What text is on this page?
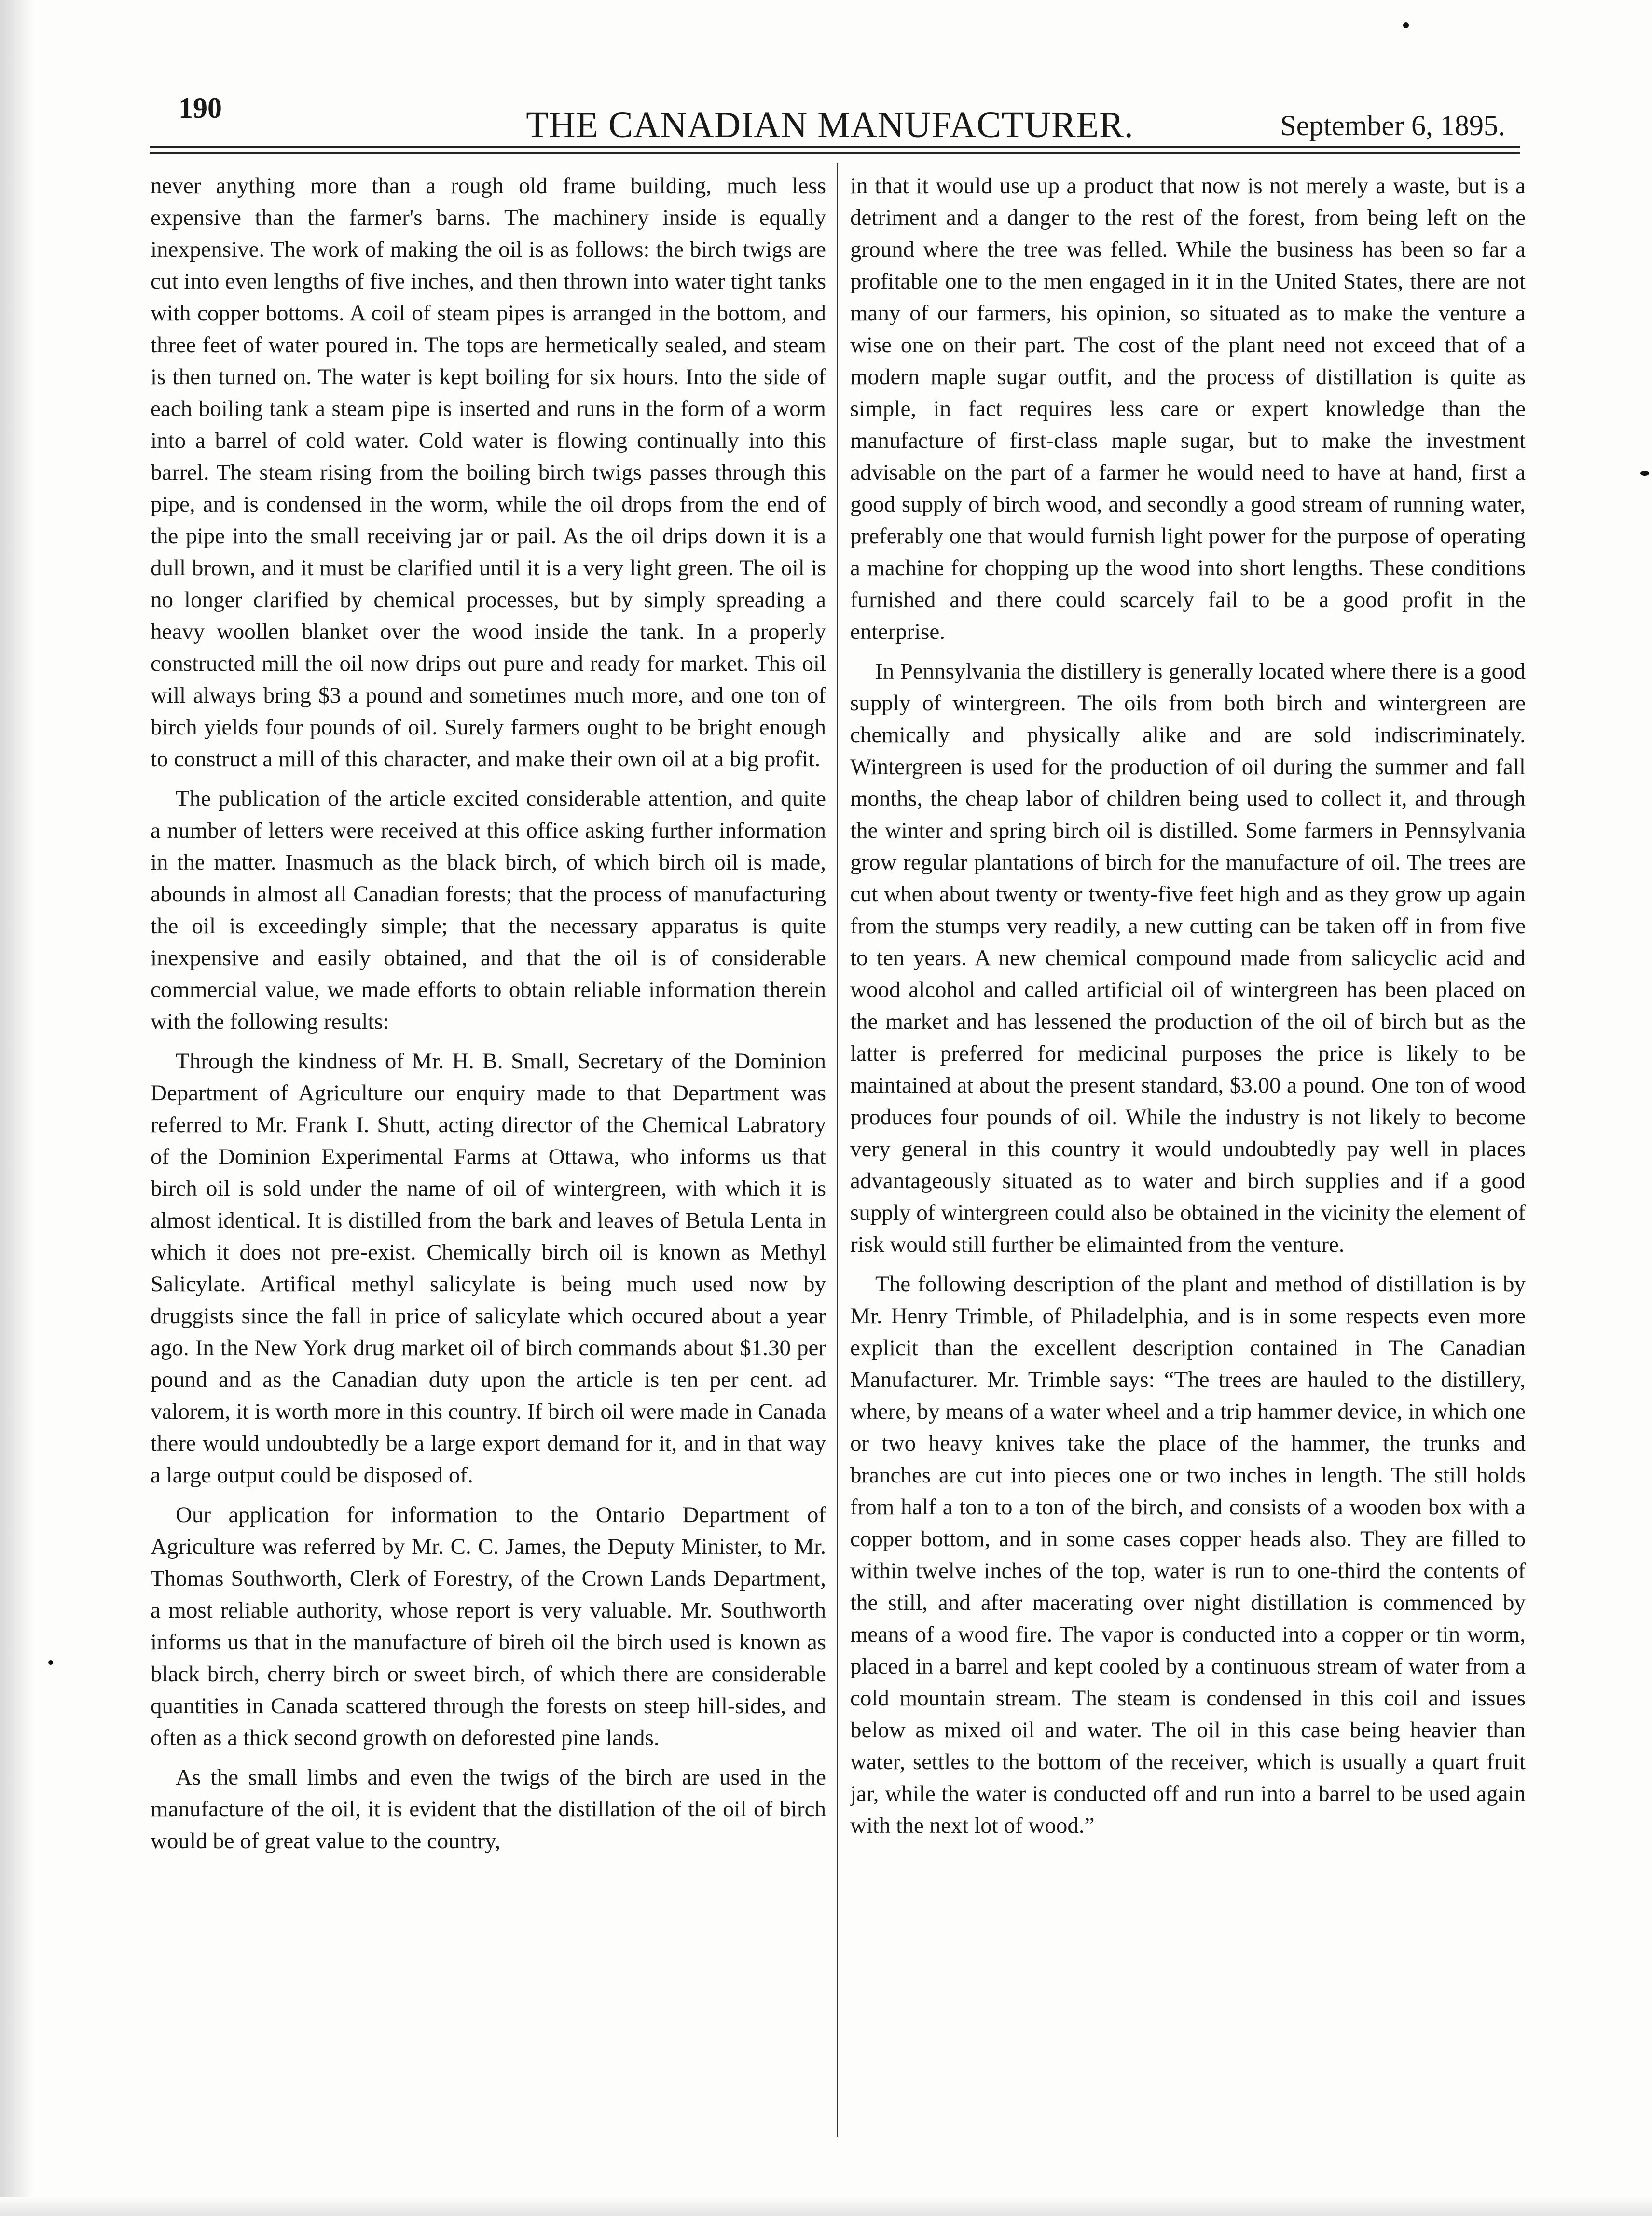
190	THE CANADIAN MANUFACTURER.	September 6, 1895.

never anything more than a rough old frame building, much less expensive than the farmer's barns. The machinery inside is equally inexpensive. The work of making the oil is as follows: the birch twigs are cut into even lengths of five inches, and then thrown into water tight tanks with copper bottoms. A coil of steam pipes is arranged in the bottom, and three feet of water poured in. The tops are hermetically sealed, and steam is then turned on. The water is kept boiling for six hours. Into the side of each boiling tank a steam pipe is inserted and runs in the form of a worm into a barrel of cold water. Cold water is flowing continually into this barrel. The steam rising from the boiling birch twigs passes through this pipe, and is condensed in the worm, while the oil drops from the end of the pipe into the small receiving jar or pail. As the oil drips down it is a dull brown, and it must be clarified until it is a very light green. The oil is no longer clarified by chemical processes, but by simply spreading a heavy woollen blanket over the wood inside the tank. In a properly constructed mill the oil now drips out pure and ready for market. This oil will always bring $3 a pound and sometimes much more, and one ton of birch yields four pounds of oil. Surely farmers ought to be bright enough to construct a mill of this character, and make their own oil at a big profit.

The publication of the article excited considerable attention, and quite a number of letters were received at this office asking further information in the matter. Inasmuch as the black birch, of which birch oil is made, abounds in almost all Canadian forests; that the process of manufacturing the oil is exceedingly simple; that the necessary apparatus is quite inexpensive and easily obtained, and that the oil is of considerable commercial value, we made efforts to obtain reliable information therein with the following results:

Through the kindness of Mr. H. B. Small, Secretary of the Dominion Department of Agriculture our enquiry made to that Department was referred to Mr. Frank I. Shutt, acting director of the Chemical Labratory of the Dominion Experimental Farms at Ottawa, who informs us that birch oil is sold under the name of oil of wintergreen, with which it is almost identical. It is distilled from the bark and leaves of Betula Lenta in which it does not pre-exist. Chemically birch oil is known as Methyl Salicylate. Artifical methyl salicylate is being much used now by druggists since the fall in price of salicylate which occured about a year ago. In the New York drug market oil of birch commands about $1.30 per pound and as the Canadian duty upon the article is ten per cent. ad valorem, it is worth more in this country. If birch oil were made in Canada there would undoubtedly be a large export demand for it, and in that way a large output could be disposed of.

Our application for information to the Ontario Department of Agriculture was referred by Mr. C. C. James, the Deputy Minister, to Mr. Thomas Southworth, Clerk of Forestry, of the Crown Lands Department, a most reliable authority, whose report is very valuable. Mr. Southworth informs us that in the manufacture of bireh oil the birch used is known as black birch, cherry birch or sweet birch, of which there are considerable quantities in Canada scattered through the forests on steep hill-sides, and often as a thick second growth on deforested pine lands.

As the small limbs and even the twigs of the birch are used in the manufacture of the oil, it is evident that the distillation of the oil of birch would be of great value to the country,

in that it would use up a product that now is not merely a waste, but is a detriment and a danger to the rest of the forest, from being left on the ground where the tree was felled. While the business has been so far a profitable one to the men engaged in it in the United States, there are not many of our farmers, his opinion, so situated as to make the venture a wise one on their part. The cost of the plant need not exceed that of a modern maple sugar outfit, and the process of distillation is quite as simple, in fact requires less care or expert knowledge than the manufacture of first-class maple sugar, but to make the investment advisable on the part of a farmer he would need to have at hand, first a good supply of birch wood, and secondly a good stream of running water, preferably one that would furnish light power for the purpose of operating a machine for chopping up the wood into short lengths. These conditions furnished and there could scarcely fail to be a good profit in the enterprise.

In Pennsylvania the distillery is generally located where there is a good supply of wintergreen. The oils from both birch and wintergreen are chemically and physically alike and are sold indiscriminately. Wintergreen is used for the production of oil during the summer and fall months, the cheap labor of children being used to collect it, and through the winter and spring birch oil is distilled. Some farmers in Pennsylvania grow regular plantations of birch for the manufacture of oil. The trees are cut when about twenty or twenty-five feet high and as they grow up again from the stumps very readily, a new cutting can be taken off in from five to ten years. A new chemical compound made from salicyclic acid and wood alcohol and called artificial oil of wintergreen has been placed on the market and has lessened the production of the oil of birch but as the latter is preferred for medicinal purposes the price is likely to be maintained at about the present standard, $3.00 a pound. One ton of wood produces four pounds of oil. While the industry is not likely to become very general in this country it would undoubtedly pay well in places advantageously situated as to water and birch supplies and if a good supply of wintergreen could also be obtained in the vicinity the element of risk would still further be elimainted from the venture.

The following description of the plant and method of distillation is by Mr. Henry Trimble, of Philadelphia, and is in some respects even more explicit than the excellent description contained in The Canadian Manufacturer. Mr. Trimble says: “The trees are hauled to the distillery, where, by means of a water wheel and a trip hammer device, in which one or two heavy knives take the place of the hammer, the trunks and branches are cut into pieces one or two inches in length. The still holds from half a ton to a ton of the birch, and consists of a wooden box with a copper bottom, and in some cases copper heads also. They are filled to within twelve inches of the top, water is run to one-third the contents of the still, and after macerating over night distillation is commenced by means of a wood fire. The vapor is conducted into a copper or tin worm, placed in a barrel and kept cooled by a continuous stream of water from a cold mountain stream. The steam is condensed in this coil and issues below as mixed oil and water. The oil in this case being heavier than water, settles to the bottom of the receiver, which is usually a quart fruit jar, while the water is conducted off and run into a barrel to be used again with the next lot of wood.”
